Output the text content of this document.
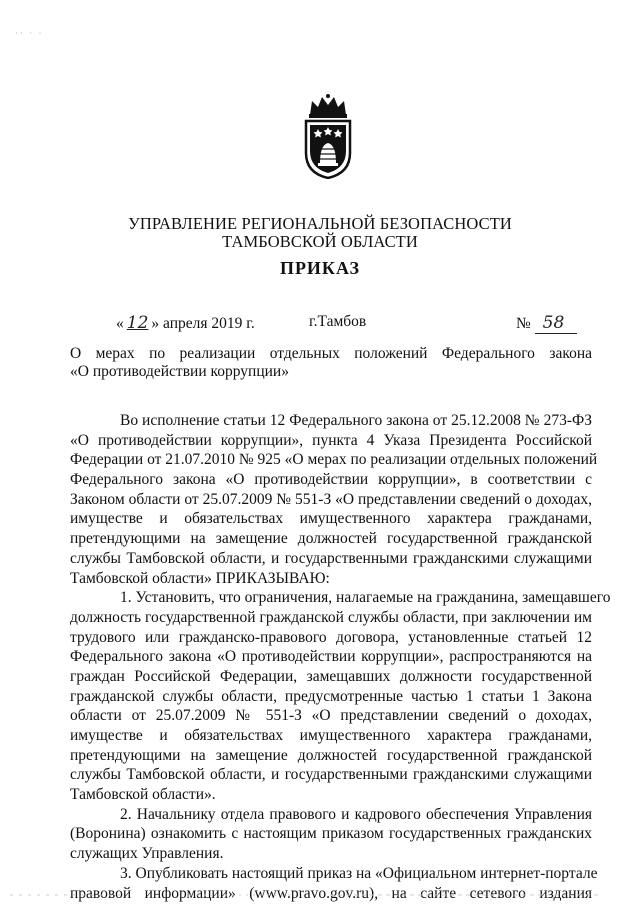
·· · ·
УПРАВЛЕНИЕ РЕГИОНАЛЬНОЙ БЕЗОПАСНОСТИ
ТАМБОВСКОЙ ОБЛАСТИ
ПРИКАЗ
« 12 » апреля 2019 г.	г.Тамбов	№ 58
О мерах по реализации отдельных положений Федерального закона
«О противодействии коррупции»
Во исполнение статьи 12 Федерального закона от 25.12.2008 № 273-ФЗ
«О противодействии коррупции», пункта 4 Указа Президента Российской
Федерации от 21.07.2010 № 925 «О мерах по реализации отдельных положений
Федерального закона «О противодействии коррупции», в соответствии с
Законом области от 25.07.2009 № 551-З «О представлении сведений о доходах,
имуществе и обязательствах имущественного характера гражданами,
претендующими на замещение должностей государственной гражданской
службы Тамбовской области, и государственными гражданскими служащими
Тамбовской области» ПРИКАЗЫВАЮ:
1. Установить, что ограничения, налагаемые на гражданина, замещавшего
должность государственной гражданской службы области, при заключении им
трудового или гражданско-правового договора, установленные статьей 12
Федерального закона «О противодействии коррупции», распространяются на
граждан Российской Федерации, замещавших должности государственной
гражданской службы области, предусмотренные частью 1 статьи 1 Закона
области от 25.07.2009 № 551-З «О представлении сведений о доходах,
имуществе и обязательствах имущественного характера гражданами,
претендующими на замещение должностей государственной гражданской
службы Тамбовской области, и государственными гражданскими служащими
Тамбовской области».
2. Начальнику отдела правового и кадрового обеспечения Управления
(Воронина) ознакомить с настоящим приказом государственных гражданских
служащих Управления.
3. Опубликовать настоящий приказ на «Официальном интернет-портале
правовой информации» (www.pravo.gov.ru), на сайте сетевого издания
